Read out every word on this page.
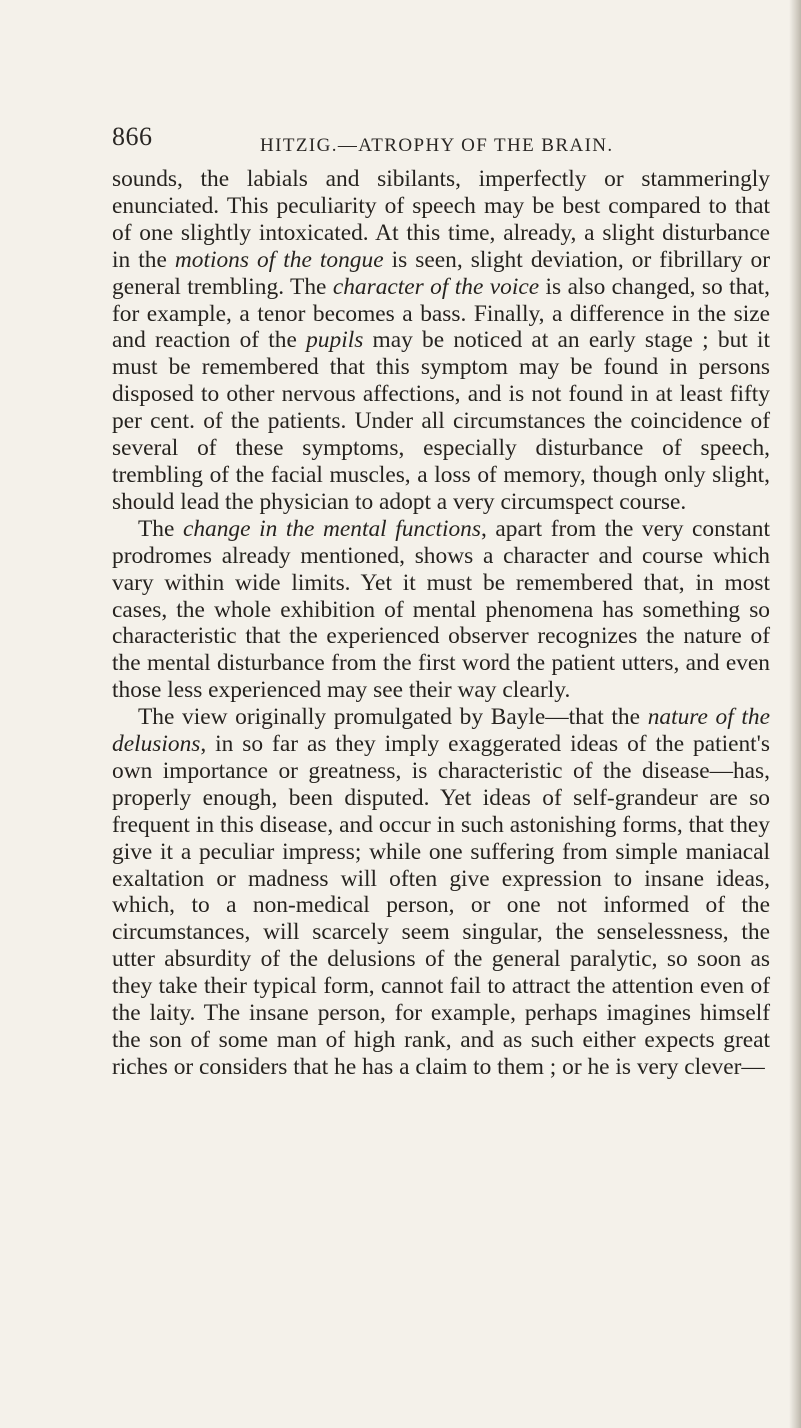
866	HITZIG.—ATROPHY OF THE BRAIN.

sounds, the labials and sibilants, imperfectly or stammeringly enunciated. This peculiarity of speech may be best compared to that of one slightly intoxicated. At this time, already, a slight disturbance in the motions of the tongue is seen, slight deviation, or fibrillary or general trembling. The character of the voice is also changed, so that, for example, a tenor becomes a bass. Finally, a difference in the size and reaction of the pupils may be noticed at an early stage ; but it must be remembered that this symptom may be found in persons disposed to other nervous affections, and is not found in at least fifty per cent. of the patients. Under all circumstances the coincidence of several of these symptoms, especially disturbance of speech, trembling of the facial muscles, a loss of memory, though only slight, should lead the physician to adopt a very circumspect course.

The change in the mental functions, apart from the very constant prodromes already mentioned, shows a character and course which vary within wide limits. Yet it must be remembered that, in most cases, the whole exhibition of mental phenomena has something so characteristic that the experienced observer recognizes the nature of the mental disturbance from the first word the patient utters, and even those less experienced may see their way clearly.

The view originally promulgated by Bayle—that the nature of the delusions, in so far as they imply exaggerated ideas of the patient's own importance or greatness, is characteristic of the disease—has, properly enough, been disputed. Yet ideas of self-grandeur are so frequent in this disease, and occur in such astonishing forms, that they give it a peculiar impress; while one suffering from simple maniacal exaltation or madness will often give expression to insane ideas, which, to a non-medical person, or one not informed of the circumstances, will scarcely seem singular, the senselessness, the utter absurdity of the delusions of the general paralytic, so soon as they take their typical form, cannot fail to attract the attention even of the laity. The insane person, for example, perhaps imagines himself the son of some man of high rank, and as such either expects great riches or considers that he has a claim to them ; or he is very clever—
